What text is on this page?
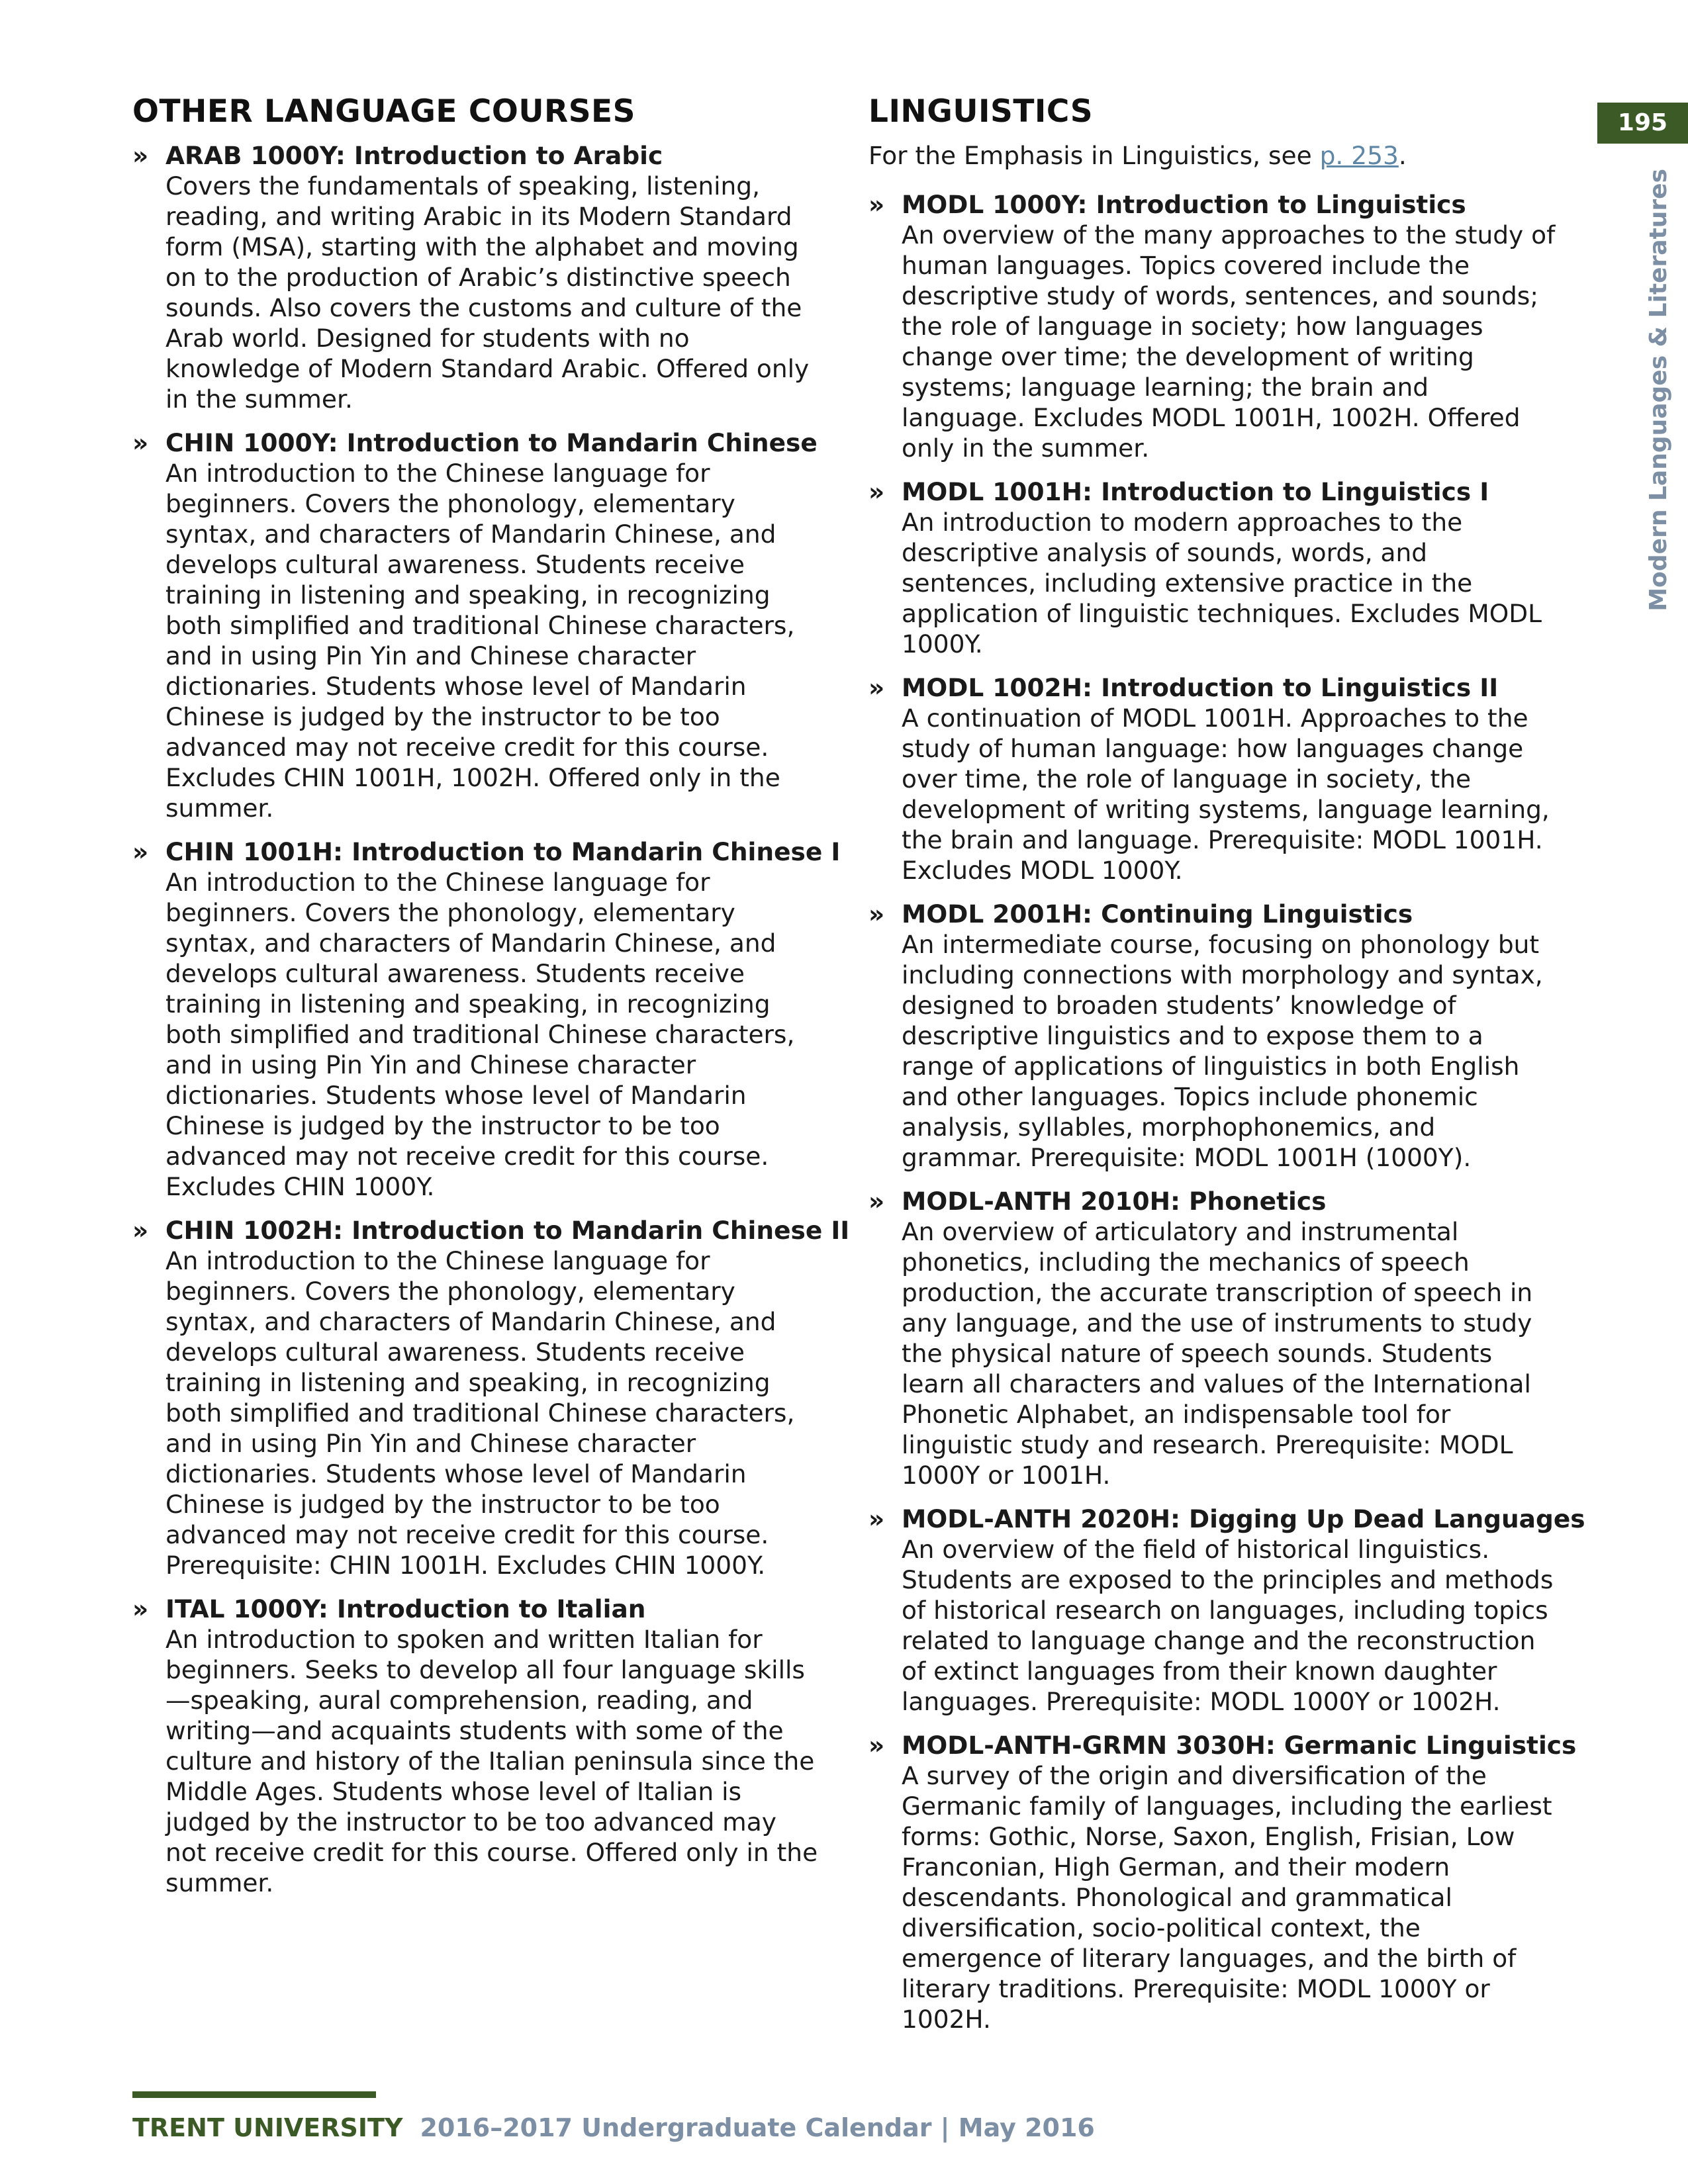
195
Modern Languages & Literatures
OTHER LANGUAGE COURSES
» ARAB 1000Y: Introduction to Arabic
Covers the fundamentals of speaking, listening, reading, and writing Arabic in its Modern Standard form (MSA), starting with the alphabet and moving on to the production of Arabic’s distinctive speech sounds. Also covers the customs and culture of the Arab world. Designed for students with no knowledge of Modern Standard Arabic. Offered only in the summer.
» CHIN 1000Y: Introduction to Mandarin Chinese
An introduction to the Chinese language for beginners. Covers the phonology, elementary syntax, and characters of Mandarin Chinese, and develops cultural awareness. Students receive training in listening and speaking, in recognizing both simplified and traditional Chinese characters, and in using Pin Yin and Chinese character dictionaries. Students whose level of Mandarin Chinese is judged by the instructor to be too advanced may not receive credit for this course. Excludes CHIN 1001H, 1002H. Offered only in the summer.
» CHIN 1001H: Introduction to Mandarin Chinese I
An introduction to the Chinese language for beginners. Covers the phonology, elementary syntax, and characters of Mandarin Chinese, and develops cultural awareness. Students receive training in listening and speaking, in recognizing both simplified and traditional Chinese characters, and in using Pin Yin and Chinese character dictionaries. Students whose level of Mandarin Chinese is judged by the instructor to be too advanced may not receive credit for this course. Excludes CHIN 1000Y.
» CHIN 1002H: Introduction to Mandarin Chinese II
An introduction to the Chinese language for beginners. Covers the phonology, elementary syntax, and characters of Mandarin Chinese, and develops cultural awareness. Students receive training in listening and speaking, in recognizing both simplified and traditional Chinese characters, and in using Pin Yin and Chinese character dictionaries. Students whose level of Mandarin Chinese is judged by the instructor to be too advanced may not receive credit for this course. Prerequisite: CHIN 1001H. Excludes CHIN 1000Y.
» ITAL 1000Y: Introduction to Italian
An introduction to spoken and written Italian for beginners. Seeks to develop all four language skills—speaking, aural comprehension, reading, and writing—and acquaints students with some of the culture and history of the Italian peninsula since the Middle Ages. Students whose level of Italian is judged by the instructor to be too advanced may not receive credit for this course. Offered only in the summer.
LINGUISTICS

For the Emphasis in Linguistics, see p. 253.

» MODL 1000Y: Introduction to Linguistics
An overview of the many approaches to the study of human languages. Topics covered include the descriptive study of words, sentences, and sounds; the role of language in society; how languages change over time; the development of writing systems; language learning; the brain and language. Excludes MODL 1001H, 1002H. Offered only in the summer.
» MODL 1001H: Introduction to Linguistics I
An introduction to modern approaches to the descriptive analysis of sounds, words, and sentences, including extensive practice in the application of linguistic techniques. Excludes MODL 1000Y.
» MODL 1002H: Introduction to Linguistics II
A continuation of MODL 1001H. Approaches to the study of human language: how languages change over time, the role of language in society, the development of writing systems, language learning, the brain and language. Prerequisite: MODL 1001H. Excludes MODL 1000Y.
» MODL 2001H: Continuing Linguistics
An intermediate course, focusing on phonology but including connections with morphology and syntax, designed to broaden students’ knowledge of descriptive linguistics and to expose them to a range of applications of linguistics in both English and other languages. Topics include phonemic analysis, syllables, morphophonemics, and grammar. Prerequisite: MODL 1001H (1000Y).
» MODL-ANTH 2010H: Phonetics
An overview of articulatory and instrumental phonetics, including the mechanics of speech production, the accurate transcription of speech in any language, and the use of instruments to study the physical nature of speech sounds. Students learn all characters and values of the International Phonetic Alphabet, an indispensable tool for linguistic study and research. Prerequisite: MODL 1000Y or 1001H.
» MODL-ANTH 2020H: Digging Up Dead Languages
An overview of the field of historical linguistics. Students are exposed to the principles and methods of historical research on languages, including topics related to language change and the reconstruction of extinct languages from their known daughter languages. Prerequisite: MODL 1000Y or 1002H.
» MODL-ANTH-GRMN 3030H: Germanic Linguistics
A survey of the origin and diversification of the Germanic family of languages, including the earliest forms: Gothic, Norse, Saxon, English, Frisian, Low Franconian, High German, and their modern descendants. Phonological and grammatical diversification, socio-political context, the emergence of literary languages, and the birth of literary traditions. Prerequisite: MODL 1000Y or 1002H.
TRENT UNIVERSITY 2016–2017 Undergraduate Calendar | May 2016
